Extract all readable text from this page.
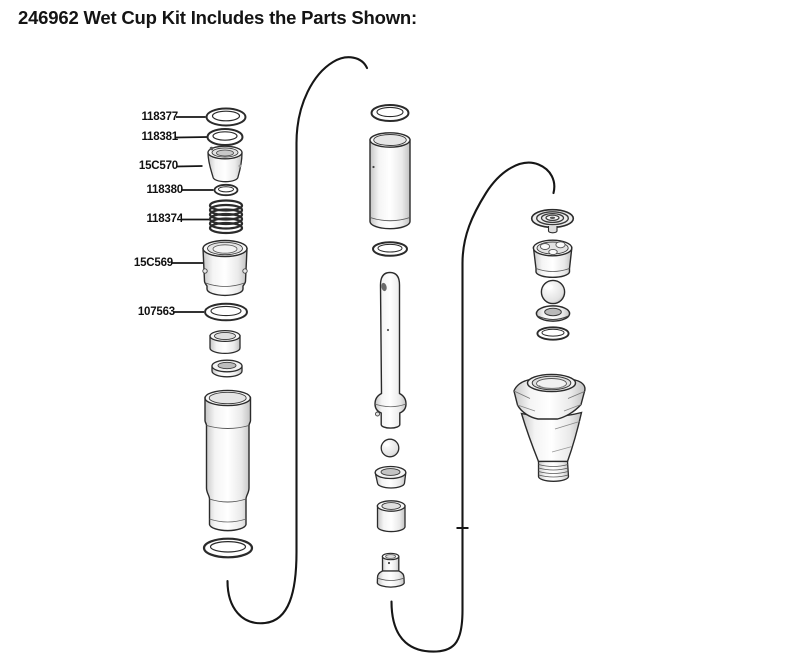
246962 Wet Cup Kit Includes the Parts Shown:
118377
118381
15C570
118380
118374
15C569
107563
